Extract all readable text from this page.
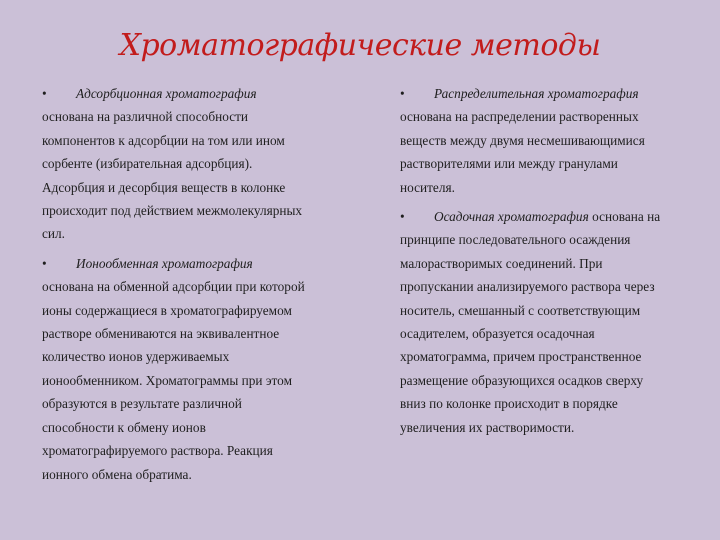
Хроматографические методы
• Адсорбционная хроматография
основана на различной способности
компонентов к адсорбции на том или ином
сорбенте (избирательная адсорбция).
Адсорбция и десорбция веществ в колонке
происходит под действием межмолекулярных
сил.
• Ионообменная хроматография
основана на обменной адсорбции при которой
ионы содержащиеся в хроматографируемом
растворе обмениваются на эквивалентное
количество ионов удерживаемых
ионообменником. Хроматограммы при этом
образуются в результате различной
способности к обмену ионов
хроматографируемого раствора. Реакция
ионного обмена обратима.
• Распределительная хроматография
основана на распределении растворенных
веществ между двумя несмешивающимися
растворителями или между гранулами
носителя.
• Осадочная хроматография основана на
принципе последовательного осаждения
малорастворимых соединений. При
пропускании анализируемого раствора через
носитель, смешанный с соответствующим
осадителем, образуется осадочная
хроматограмма, причем пространственное
размещение образующихся осадков сверху
вниз по колонке происходит в порядке
увеличения их растворимости.
